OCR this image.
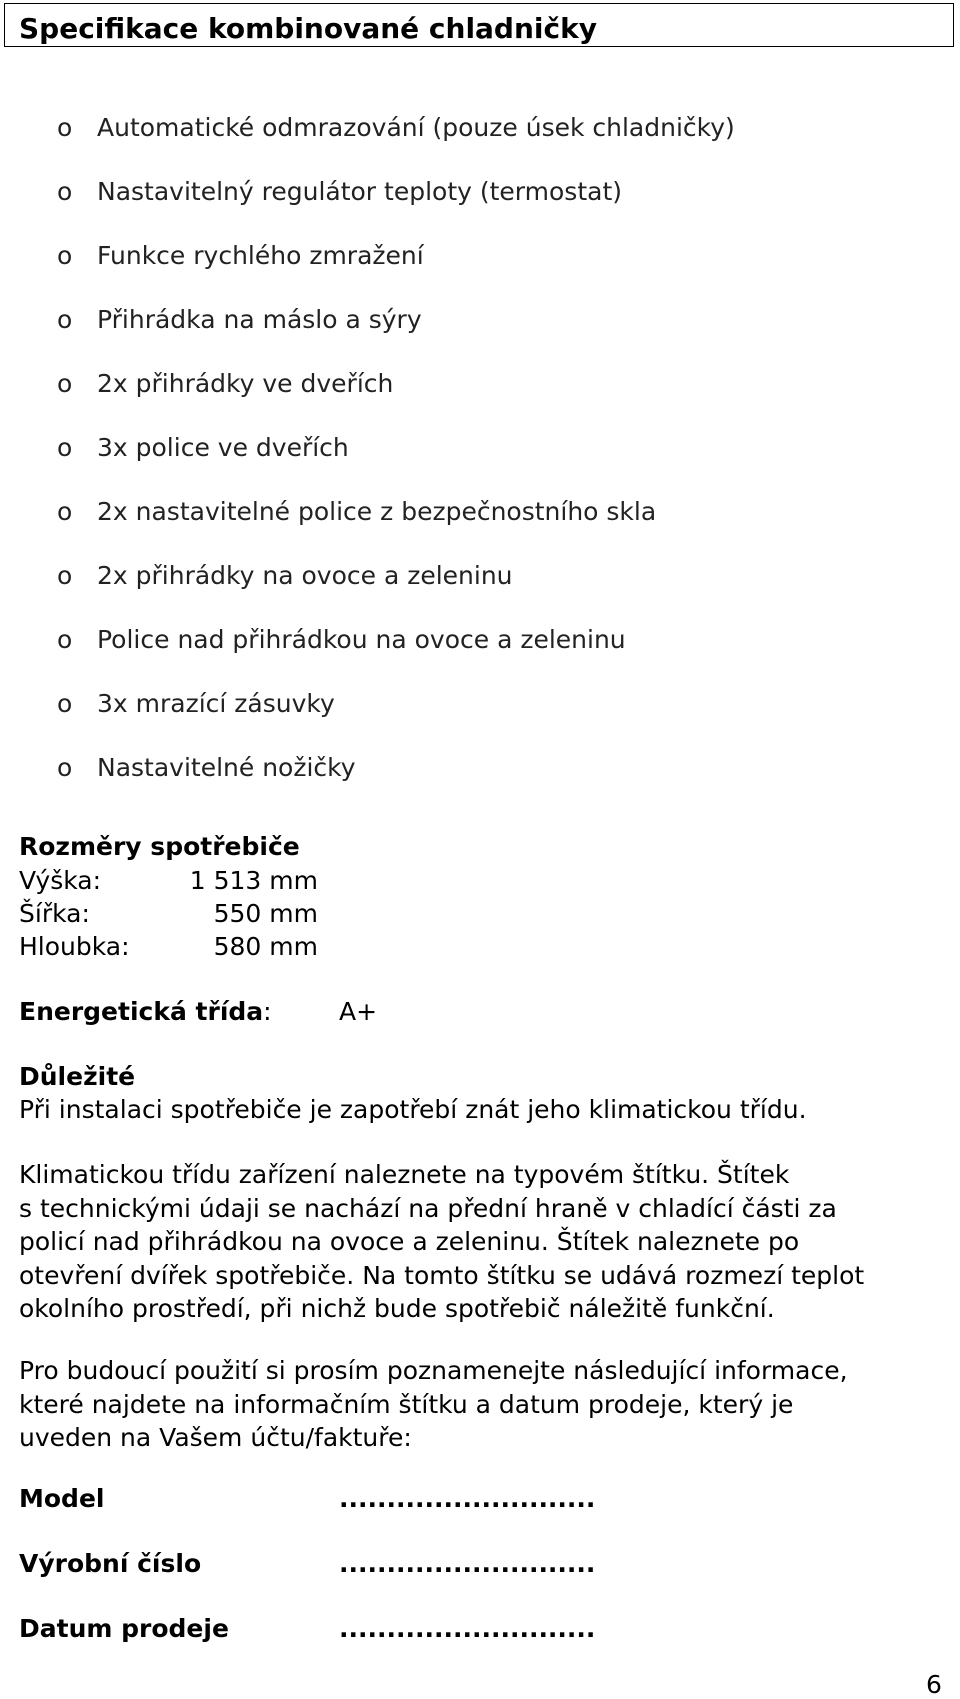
Specifikace kombinované chladničky
o Automatické odmrazování (pouze úsek chladničky)
o Nastavitelný regulátor teploty (termostat)
o Funkce rychlého zmražení
o Přihrádka na máslo a sýry
o 2x přihrádky ve dveřích
o 3x police ve dveřích
o 2x nastavitelné police z bezpečnostního skla
o 2x přihrádky na ovoce a zeleninu
o Police nad přihrádkou na ovoce a zeleninu
o 3x mrazící zásuvky
o Nastavitelné nožičky
Rozměry spotřebiče
Výška:	1 513 mm
Šířka:	550 mm
Hloubka:	580 mm
Energetická třída:	A+
Důležité
Při instalaci spotřebiče je zapotřebí znát jeho klimatickou třídu.
Klimatickou třídu zařízení naleznete na typovém štítku. Štítek
s technickými údaji se nachází na přední hraně v chladící části za
policí nad přihrádkou na ovoce a zeleninu. Štítek naleznete po
otevření dvířek spotřebiče. Na tomto štítku se udává rozmezí teplot
okolního prostředí, při nichž bude spotřebič náležitě funkční.
Pro budoucí použití si prosím poznamenejte následující informace,
které najdete na informačním štítku a datum prodeje, který je
uveden na Vašem účtu/faktuře:
Model	...........................
Výrobní číslo	...........................
Datum prodeje	...........................
6
